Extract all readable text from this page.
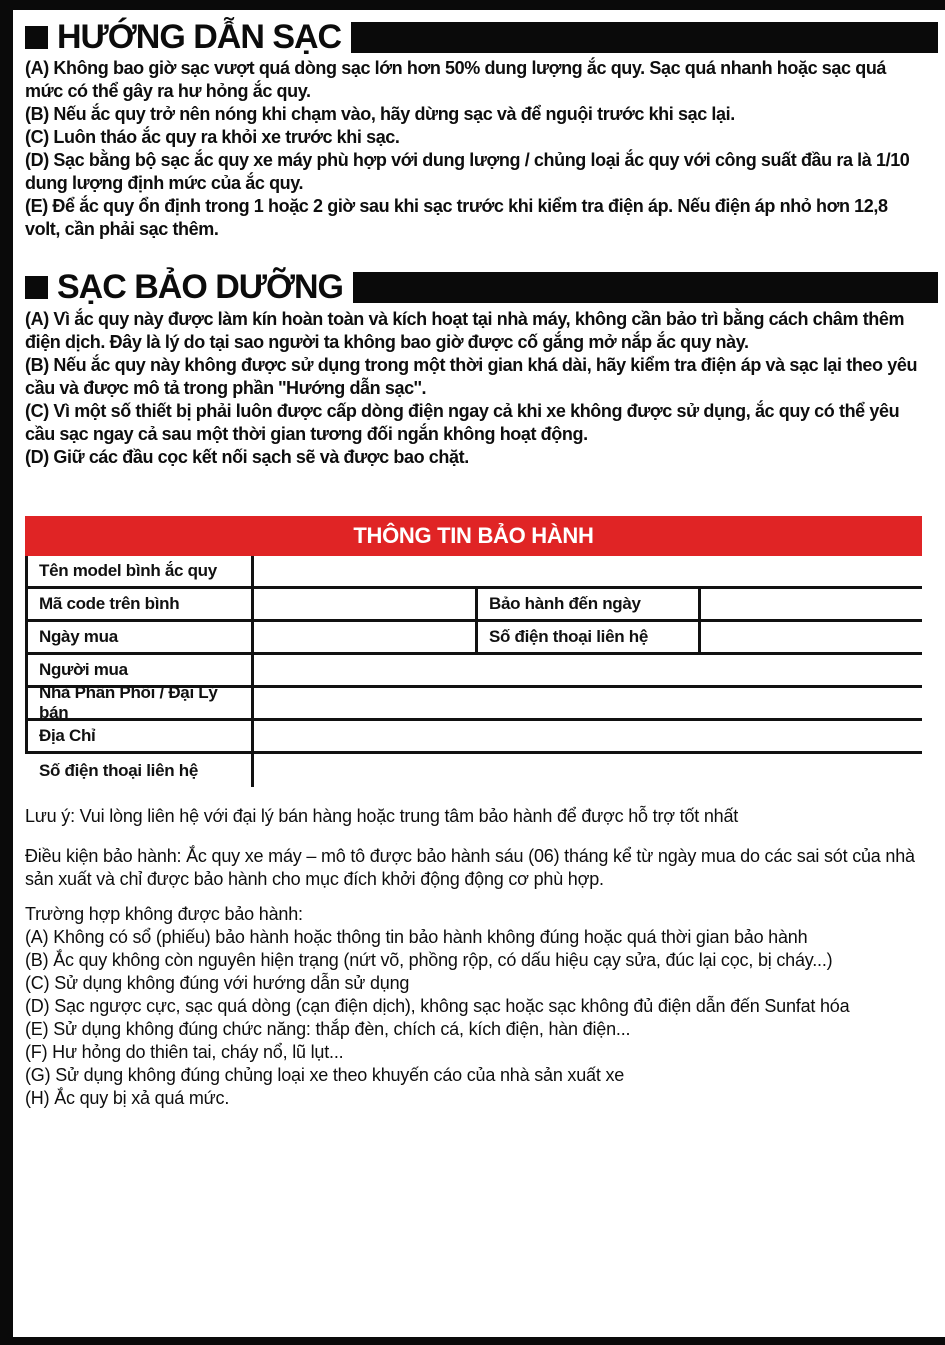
HƯỚNG DẪN SẠC

(A) Không bao giờ sạc vượt quá dòng sạc lớn hơn 50% dung lượng ắc quy. Sạc quá nhanh hoặc sạc quá mức có thể gây ra hư hỏng ắc quy.

(B) Nếu ắc quy trở nên nóng khi chạm vào, hãy dừng sạc và để nguội trước khi sạc lại.

(C) Luôn tháo ắc quy ra khỏi xe trước khi sạc.

(D) Sạc bằng bộ sạc ắc quy xe máy phù hợp với dung lượng / chủng loại ắc quy với công suất đầu ra là 1/10 dung lượng định mức của ắc quy.

(E) Để ắc quy ổn định trong 1 hoặc 2 giờ sau khi sạc trước khi kiểm tra điện áp. Nếu điện áp nhỏ hơn 12,8 volt, cần phải sạc thêm.

SẠC BẢO DƯỠNG

(A) Vì ắc quy này được làm kín hoàn toàn và kích hoạt tại nhà máy, không cần bảo trì bằng cách châm thêm điện dịch. Đây là lý do tại sao người ta không bao giờ được cố gắng mở nắp ắc quy này.

(B) Nếu ắc quy này không được sử dụng trong một thời gian khá dài, hãy kiểm tra điện áp và sạc lại theo yêu cầu và được mô tả trong phần ''Hướng dẫn sạc''.

(C) Vì một số thiết bị phải luôn được cấp dòng điện ngay cả khi xe không được sử dụng, ắc quy có thể yêu cầu sạc ngay cả sau một thời gian tương đối ngắn không hoạt động.

(D) Giữ các đầu cọc kết nối sạch sẽ và được bao chặt.

THÔNG TIN BẢO HÀNH
Tên model bình ắc quy
Mã code trên bình	Bảo hành đến ngày
Ngày mua	Số điện thoại liên hệ
Người mua
Nhà Phân Phối / Đại Lý bán
Địa Chỉ
Số điện thoại liên hệ

Lưu ý: Vui lòng liên hệ với đại lý bán hàng hoặc trung tâm bảo hành để được hỗ trợ tốt nhất

Điều kiện bảo hành: Ắc quy xe máy – mô tô được bảo hành sáu (06) tháng kể từ ngày mua do các sai sót của nhà sản xuất và chỉ được bảo hành cho mục đích khởi động động cơ phù hợp.

Trường hợp không được bảo hành:

(A) Không có sổ (phiếu) bảo hành hoặc thông tin bảo hành không đúng hoặc quá thời gian bảo hành

(B) Ắc quy không còn nguyên hiện trạng (nứt võ, phồng rộp, có dấu hiệu cạy sửa, đúc lại cọc, bị cháy...)

(C) Sử dụng không đúng với hướng dẫn sử dụng

(D) Sạc ngược cực, sạc quá dòng (cạn điện dịch), không sạc hoặc sạc không đủ điện dẫn đến Sunfat hóa

(E) Sử dụng không đúng chức năng: thắp đèn, chích cá, kích điện, hàn điện...

(F) Hư hỏng do thiên tai, cháy nổ, lũ lụt...

(G) Sử dụng không đúng chủng loại xe theo khuyến cáo của nhà sản xuất xe

(H) Ắc quy bị xả quá mức.
